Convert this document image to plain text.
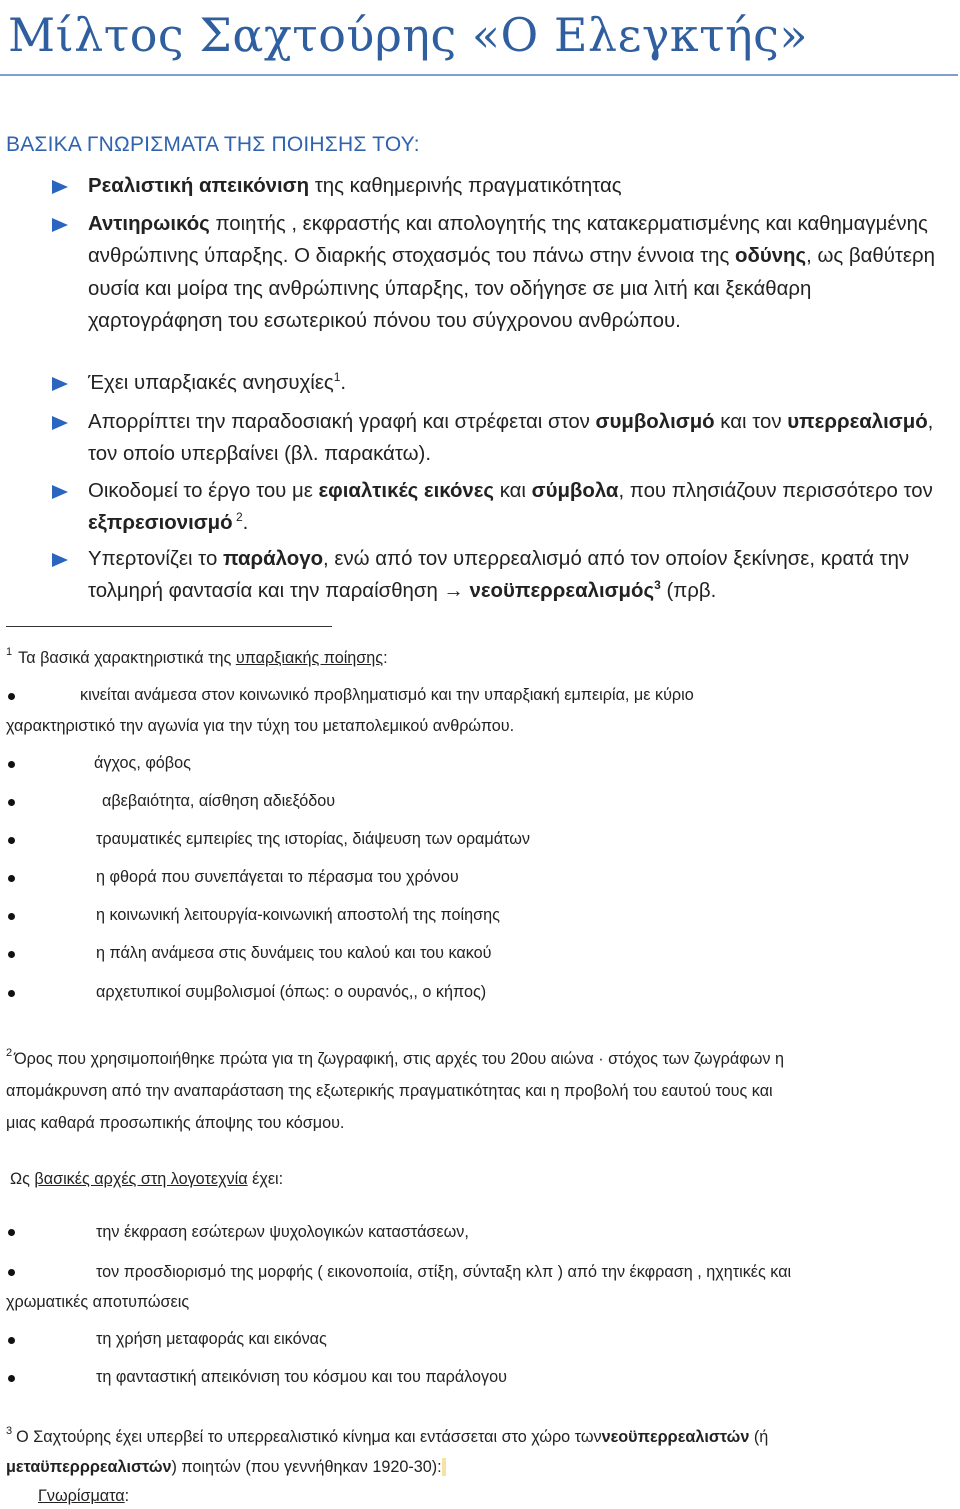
Μίλτος Σαχτούρης «Ο Ελεγκτής»
ΒΑΣΙΚΑ ΓΝΩΡΙΣΜΑΤΑ ΤΗΣ ΠΟΙΗΣΗΣ ΤΟΥ:
Ρεαλιστική απεικόνιση της καθημερινής πραγματικότητας
Αντιηρωικός ποιητής , εκφραστής και απολογητής της κατακερματισμένης και καθημαγμένης ανθρώπινης ύπαρξης. Ο διαρκής στοχασμός του πάνω στην έννοια της οδύνης, ως βαθύτερη ουσία και μοίρα της ανθρώπινης ύπαρξης, τον οδήγησε σε μια λιτή και ξεκάθαρη χαρτογράφηση του εσωτερικού πόνου του σύγχρονου ανθρώπου.
Έχει υπαρξιακές ανησυχίες$^1$.
Απορρίπτει την παραδοσιακή γραφή και στρέφεται στον συμβολισμό και τον υπερρεαλισμό, τον οποίο υπερβαίνει (βλ. παρακάτω).
Οικοδομεί το έργο του με εφιαλτικές εικόνες και σύμβολα, που πλησιάζουν περισσότερο τον εξπρεσιονισμό $^2$.
Υπερτονίζει το παράλογο, ενώ από τον υπερρεαλισμό από τον οποίον ξεκίνησε, κρατά την τολμηρή φαντασία και την παραίσθηση → νεοϋπερρεαλισμός$^3$ (πρβ.
$^1$ Τα βασικά χαρακτηριστικά της υπαρξιακής ποίησης:
κινείται ανάμεσα στον κοινωνικό προβληματισμό και την υπαρξιακή εμπειρία, με κύριο
χαρακτηριστικό την αγωνία για την τύχη του μεταπολεμικού ανθρώπου.
άγχος, φόβος
αβεβαιότητα, αίσθηση αδιεξόδου
τραυματικές εμπειρίες της ιστορίας, διάψευση των οραμάτων
η φθορά που συνεπάγεται το πέρασμα του χρόνου
η κοινωνική λειτουργία-κοινωνική αποστολή της ποίησης
η πάλη ανάμεσα στις δυνάμεις του καλού και του κακού
αρχετυπικοί συμβολισμοί (όπως: ο ουρανός,, ο κήπος)
$^2$ Όρος που χρησιμοποιήθηκε πρώτα για τη ζωγραφική, στις αρχές του 20ου αιώνα · στόχος των ζωγράφων η
απομάκρυνση από την αναπαράσταση της εξωτερικής πραγματικότητας και η προβολή του εαυτού τους και
μιας καθαρά προσωπικής άποψης του κόσμου.
Ως βασικές αρχές στη λογοτεχνία έχει:
την έκφραση εσώτερων ψυχολογικών καταστάσεων,
τον προσδιορισμό της μορφής ( εικονοποιία, στίξη, σύνταξη κλπ ) από την έκφραση , ηχητικές και
χρωματικές αποτυπώσεις
τη χρήση μεταφοράς και εικόνας
τη φανταστική απεικόνιση του κόσμου και του παράλογου
$^3$ Ο Σαχτούρης έχει υπερβεί το υπερρεαλιστικό κίνημα και εντάσσεται στο χώρο τωννεοϋπερρεαλιστών (ή
μεταϋπερρρεαλιστών) ποιητών (που γεννήθηκαν 1920-30):
Γνωρίσματα:
